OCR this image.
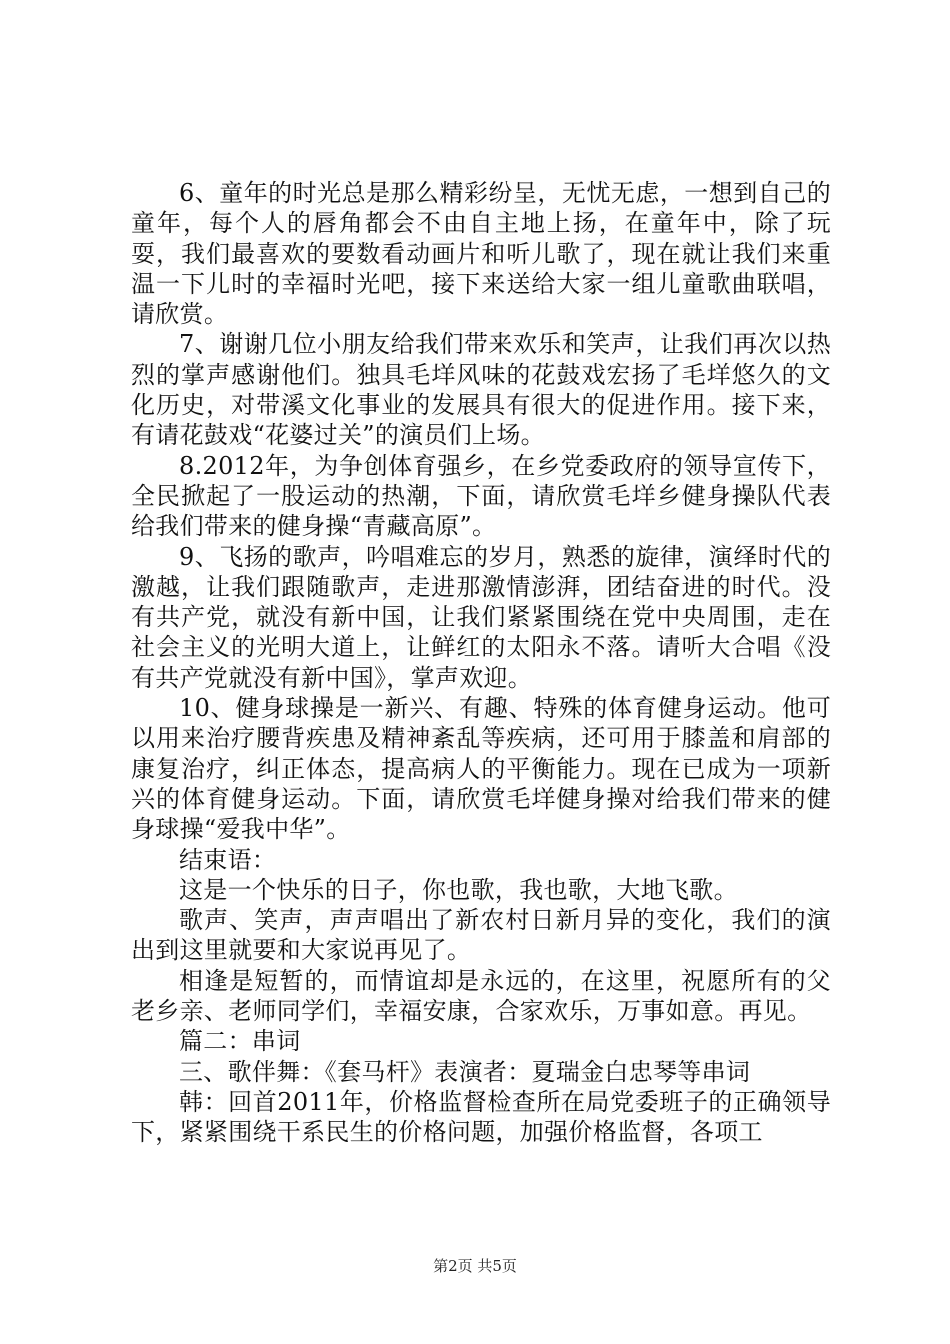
6、童年的时光总是那么精彩纷呈，无忧无虑，一想到自己的童年，每个人的唇角都会不由自主地上扬，在童年中，除了玩耍，我们最喜欢的要数看动画片和听儿歌了，现在就让我们来重温一下儿时的幸福时光吧，接下来送给大家一组儿童歌曲联唱，请欣赏。

7、谢谢几位小朋友给我们带来欢乐和笑声，让我们再次以热烈的掌声感谢他们。独具毛垟风味的花鼓戏宏扬了毛垟悠久的文化历史，对带溪文化事业的发展具有很大的促进作用。接下来，有请花鼓戏“花婆过关”的演员们上场。

8.2012年，为争创体育强乡，在乡党委政府的领导宣传下，全民掀起了一股运动的热潮，下面，请欣赏毛垟乡健身操队代表给我们带来的健身操“青藏高原”。

9、飞扬的歌声，吟唱难忘的岁月，熟悉的旋律，演绎时代的激越，让我们跟随歌声，走进那激情澎湃，团结奋进的时代。没有共产党，就没有新中国，让我们紧紧围绕在党中央周围，走在社会主义的光明大道上，让鲜红的太阳永不落。请听大合唱《没有共产党就没有新中国》，掌声欢迎。

10、健身球操是一新兴、有趣、特殊的体育健身运动。他可以用来治疗腰背疾患及精神紊乱等疾病，还可用于膝盖和肩部的康复治疗，纠正体态，提高病人的平衡能力。现在已成为一项新兴的体育健身运动。下面，请欣赏毛垟健身操对给我们带来的健身球操“爱我中华”。

结束语：

这是一个快乐的日子，你也歌，我也歌，大地飞歌。

歌声、笑声，声声唱出了新农村日新月异的变化，我们的演出到这里就要和大家说再见了。

相逢是短暂的，而情谊却是永远的，在这里，祝愿所有的父老乡亲、老师同学们，幸福安康，合家欢乐，万事如意。再见。

篇二：串词

三、歌伴舞：《套马杆》表演者：夏瑞金白忠琴等串词

韩：回首2011年，价格监督检查所在局党委班子的正确领导下，紧紧围绕干系民生的价格问题，加强价格监督，各项工

第2页 共5页
